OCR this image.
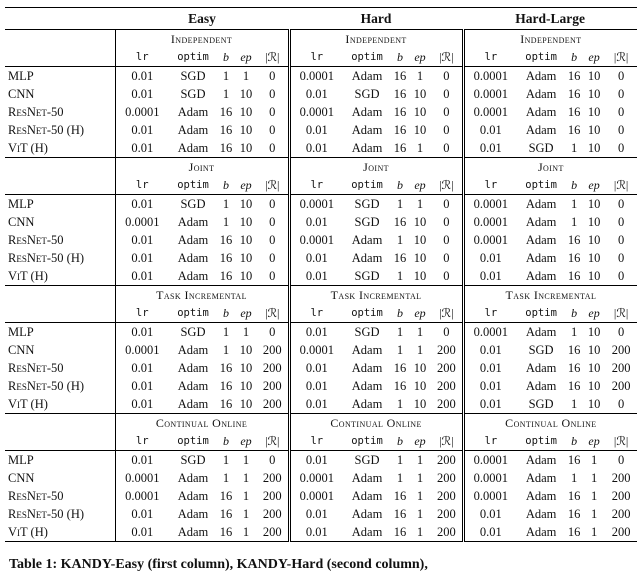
	Easy					Hard					Hard-Large				
	Independent					Independent					Independent				
	lr	optim	b	ep	|ℛ|	lr	optim	b	ep	|ℛ|	lr	optim	b	ep	|ℛ|
MLP	0.01	SGD	1	1	0	0.0001	Adam	16	1	0	0.0001	Adam	16	10	0
CNN	0.01	SGD	1	10	0	0.01	SGD	16	10	0	0.0001	Adam	16	10	0
ResNet-50	0.0001	Adam	16	10	0	0.0001	Adam	16	10	0	0.0001	Adam	16	10	0
ResNet-50 (H)	0.01	Adam	16	10	0	0.01	Adam	16	10	0	0.01	Adam	16	10	0
ViT (H)	0.01	Adam	16	10	0	0.01	Adam	16	1	0	0.01	SGD	1	10	0
	Joint					Joint					Joint				
	lr	optim	b	ep	|ℛ|	lr	optim	b	ep	|ℛ|	lr	optim	b	ep	|ℛ|
MLP	0.01	SGD	1	10	0	0.0001	SGD	1	1	0	0.0001	Adam	1	10	0
CNN	0.0001	Adam	1	10	0	0.01	SGD	16	10	0	0.0001	Adam	1	10	0
ResNet-50	0.01	Adam	16	10	0	0.0001	Adam	1	10	0	0.0001	Adam	16	10	0
ResNet-50 (H)	0.01	Adam	16	10	0	0.01	Adam	16	10	0	0.01	Adam	16	10	0
ViT (H)	0.01	Adam	16	10	0	0.01	SGD	1	10	0	0.01	Adam	16	10	0
	Task Incremental					Task Incremental					Task Incremental				
	lr	optim	b	ep	|ℛ|	lr	optim	b	ep	|ℛ|	lr	optim	b	ep	|ℛ|
MLP	0.01	SGD	1	1	0	0.01	SGD	1	1	0	0.0001	Adam	1	10	0
CNN	0.0001	Adam	1	10	200	0.0001	Adam	1	1	200	0.01	SGD	16	10	200
ResNet-50	0.01	Adam	16	10	200	0.01	Adam	16	10	200	0.01	Adam	16	10	200
ResNet-50 (H)	0.01	Adam	16	10	200	0.01	Adam	16	10	200	0.01	Adam	16	10	200
ViT (H)	0.01	Adam	16	10	200	0.01	Adam	1	10	200	0.01	SGD	1	10	0
	Continual Online					Continual Online					Continual Online				
	lr	optim	b	ep	|ℛ|	lr	optim	b	ep	|ℛ|	lr	optim	b	ep	|ℛ|
MLP	0.01	SGD	1	1	0	0.01	SGD	1	1	200	0.0001	Adam	16	1	0
CNN	0.0001	Adam	1	1	200	0.0001	Adam	1	1	200	0.0001	Adam	1	1	200
ResNet-50	0.0001	Adam	16	1	200	0.0001	Adam	16	1	200	0.0001	Adam	16	1	200
ResNet-50 (H)	0.01	Adam	16	1	200	0.01	Adam	16	1	200	0.01	Adam	16	1	200
ViT (H)	0.01	Adam	16	1	200	0.01	Adam	16	1	200	0.01	Adam	16	1	200
Table 1: KANDY-Easy (first column), KANDY-Hard (second column),
